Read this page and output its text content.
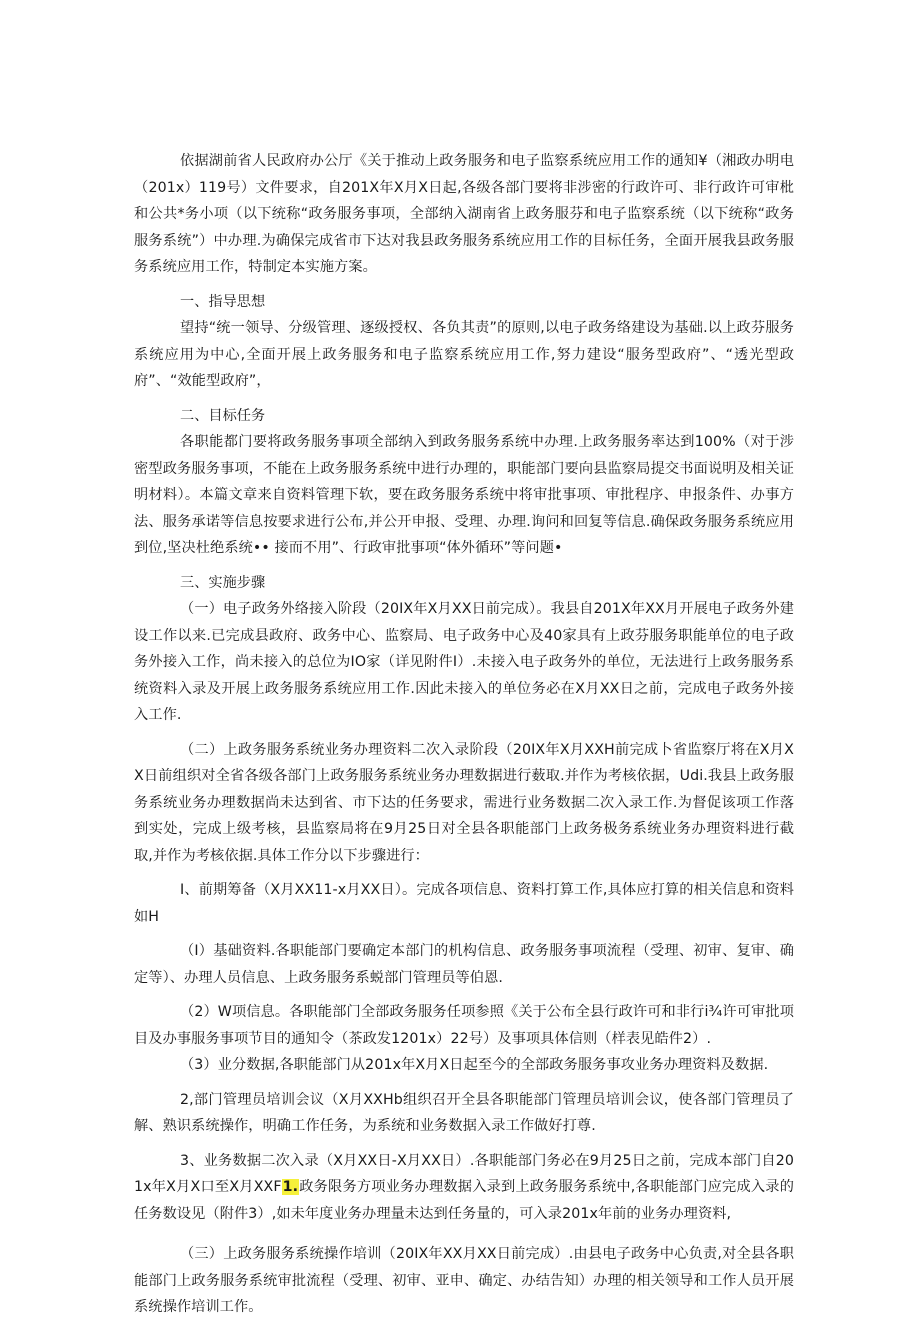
依据湖前省人民政府办公厅《关于推动上政务服务和电子监察系统应用工作的通知¥（湘政办明电（201x）119号）文件要求，自201X年X月X日起,各级各部门要将非涉密的行政许可、非行政许可审枇和公共*务小项（以下统称“政务服务事项，全部纳入湖南省上政务服芬和电子监察系统（以下统称“政务服务系统”）中办理.为确保完成省市下达对我县政务服务系统应用工作的目标任务，全面开展我县政务服务系统应用工作，特制定本实施方案。

一、指导思想

望持“统一领导、分级管理、逐级授权、各负其责”的原则,以电子政务络建设为基础.以上政芬服务系统应用为中心,全面开展上政务服务和电子监察系统应用工作,努力建设“服务型政府”、“透光型政府”、“效能型政府”，

二、目标任务

各职能都门要将政务服务事项全部纳入到政务服务系统中办理.上政务服务率达到100%（对于涉密型政务服务事项，不能在上政务服务系统中进行办理的，职能部门要向县监察局提交书面说明及相关证明材料）。本篇文章来自资料管理下软，要在政务服务系统中将审批事项、审批程序、申报条件、办事方法、服务承诺等信息按要求进行公布,并公开申报、受理、办理.询问和回复等信息.确保政务服务系统应用到位,坚决杜绝系统•• 接而不用”、行政审批事项“体外循环”等问题•

三、实施步骤

（一）电子政务外络接入阶段（20IX年X月XX日前完成）。我县自201X年XX月开展电子政务外建设工作以来.已完成县政府、政务中心、监察局、电子政务中心及40家具有上政芬服务职能单位的电子政务外接入工作，尚未接入的总位为IO家（详见附件I）.未接入电子政务外的单位，无法进行上政务服务系统资料入录及开展上政务服务系统应用工作.因此未接入的单位务必在X月XX日之前，完成电子政务外接入工作.

（二）上政务服务系统业务办理资料二次入录阶段（20IX年X月XXH前完成卜省监察厅将在X月XX日前组织对全省各级各部门上政务服务系统业务办理数据进行薮取.并作为考核依据，Udi.我县上政务服务系统业务办理数据尚未达到省、市下达的任务要求，需进行业务数据二次入录工作.为督促该项工作落到实处，完成上级考核，县监察局将在9月25日对全县各职能部门上政务极务系统业务办理资料进行截取,并作为考核依据.具体工作分以下步骤进行：

I、前期筹备（X月XX11-x月XX日）。完成各项信息、资料打算工作,具体应打算的相关信息和资料如H

（I）基础资料.各职能部门要确定本部门的机构信息、政务服务事项流程（受理、初审、复审、确定等）、办理人员信息、上政务服务系蜕部门管理员等伯恩.

（2）W项信息。各职能部门全部政务服务任项参照《关于公布全县行政许可和非行i¾许可审批项目及办事服务事项节目的通知令（茶政发1201x）22号）及事项具体信则（样表见皓件2）.

（3）业分数据,各职能部门从201x年X月X日起至今的全部政务服务事攻业务办理资料及数据.

2,部门管理员培训会议（X月XXHb组织召开全县各职能部门管理员培训会议，使各部门管理员了解、熟识系统操作，明确工作任务，为系统和业务数据入录工作做好打尊.

3、业务数据二次入录（X月XX日-X月XX日）.各职能部门务必在9月25日之前，完成本部门自201x年X月X口至X月XXF1.政务限务方项业务办理数据入录到上政务服务系统中,各职能部门应完成入录的任务数设见（附件3）,如未年度业务办理量未达到任务量的，可入录201x年前的业务办理资料,

（三）上政务服务系统操作培训（20IX年XX月XX日前完成）.由县电子政务中心负责,对全县各职能部门上政务服务系统审批流程（受理、初审、亚申、确定、办结告知）办理的相关领导和工作人员开展系统操作培训工作。
